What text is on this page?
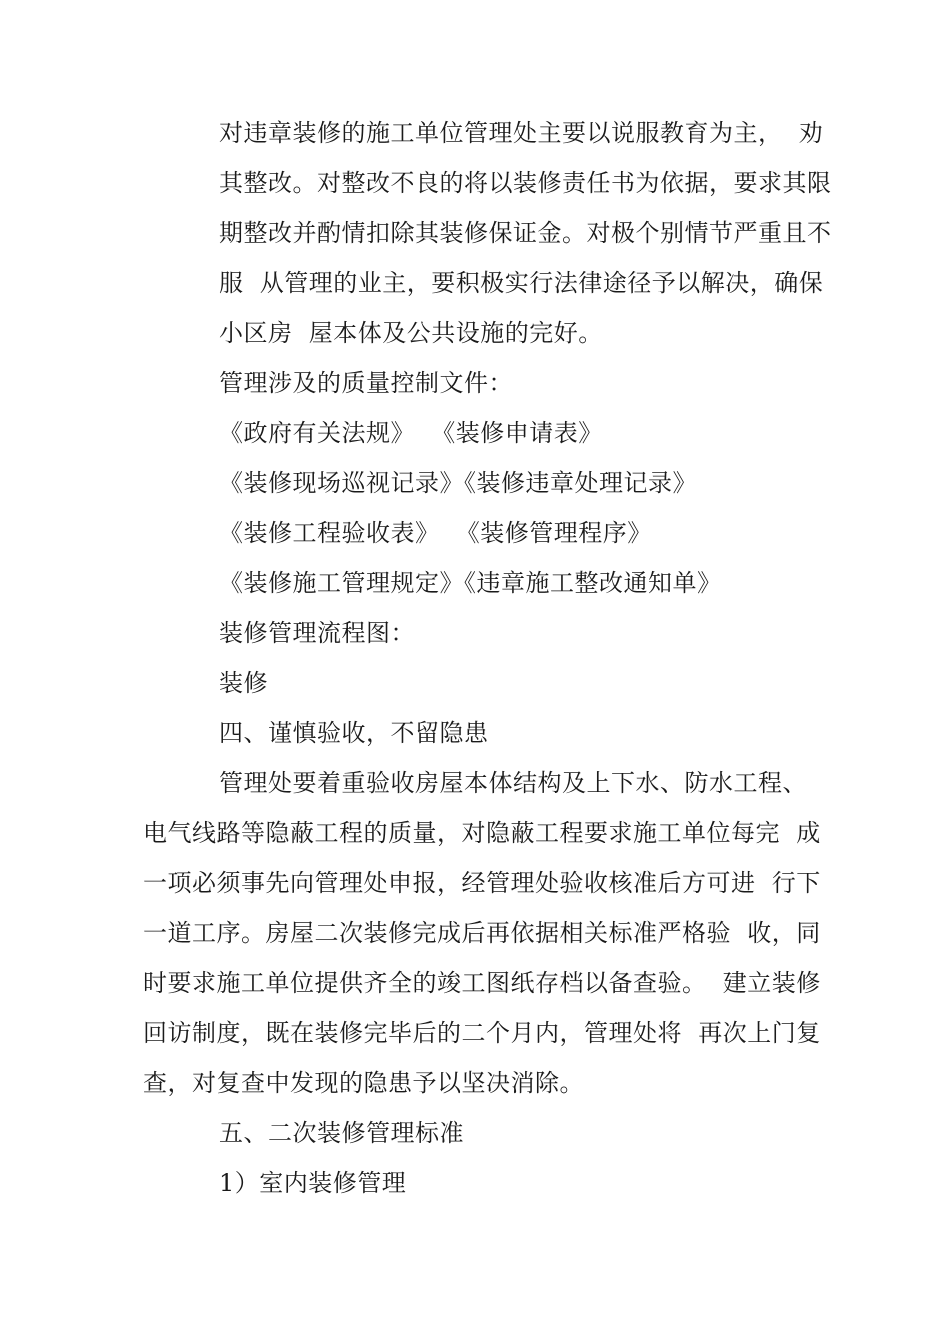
对违章装修的施工单位管理处主要以说服教育为主，  劝
其整改。对整改不良的将以装修责任书为依据，要求其限
期整改并酌情扣除其装修保证金。对极个别情节严重且不
服  从管理的业主，要积极实行法律途径予以解决，确保
小区房  屋本体及公共设施的完好。
管理涉及的质量控制文件：
《政府有关法规》  《装修申请表》
《装修现场巡视记录》《装修违章处理记录》
《装修工程验收表》  《装修管理程序》
《装修施工管理规定》《违章施工整改通知单》
装修管理流程图：
装修
四、谨慎验收，不留隐患
管理处要着重验收房屋本体结构及上下水、防水工程、
电气线路等隐蔽工程的质量，对隐蔽工程要求施工单位每完  成
一项必须事先向管理处申报，经管理处验收核准后方可进  行下
一道工序。房屋二次装修完成后再依据相关标准严格验  收，同
时要求施工单位提供齐全的竣工图纸存档以备查验。  建立装修
回访制度，既在装修完毕后的二个月内，管理处将  再次上门复
查，对复查中发现的隐患予以坚决消除。
五、二次装修管理标准
1）室内装修管理
